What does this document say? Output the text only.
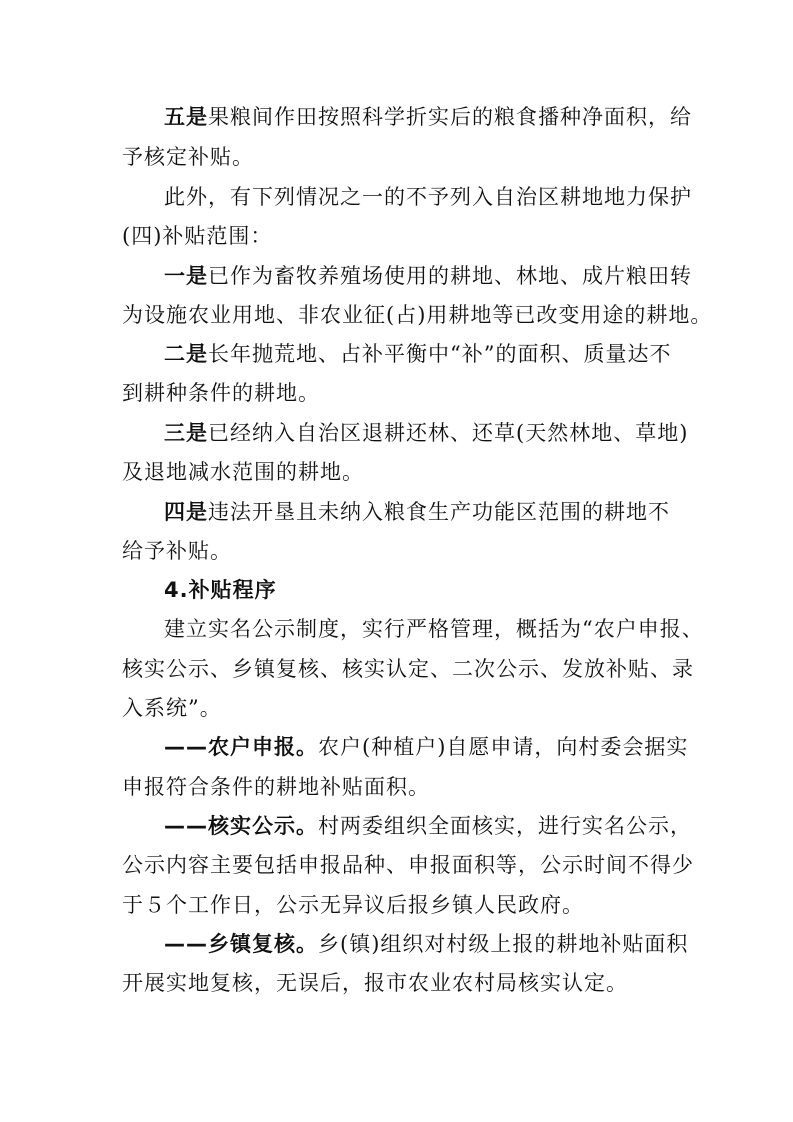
五是果粮间作田按照科学折实后的粮食播种净面积，给
予核定补贴。
此外，有下列情况之一的不予列入自治区耕地地力保护
(四)补贴范围：
一是已作为畜牧养殖场使用的耕地、林地、成片粮田转
为设施农业用地、非农业征(占)用耕地等已改变用途的耕地。
二是长年抛荒地、占补平衡中“补”的面积、质量达不
到耕种条件的耕地。
三是已经纳入自治区退耕还林、还草(天然林地、草地)
及退地减水范围的耕地。
四是违法开垦且未纳入粮食生产功能区范围的耕地不
给予补贴。
4.补贴程序
建立实名公示制度，实行严格管理，概括为“农户申报、
核实公示、乡镇复核、核实认定、二次公示、发放补贴、录
入系统”。
——农户申报。农户(种植户)自愿申请，向村委会据实
申报符合条件的耕地补贴面积。
——核实公示。村两委组织全面核实，进行实名公示，
公示内容主要包括申报品种、申报面积等，公示时间不得少
于５个工作日，公示无异议后报乡镇人民政府。
——乡镇复核。乡(镇)组织对村级上报的耕地补贴面积
开展实地复核，无误后，报市农业农村局核实认定。
